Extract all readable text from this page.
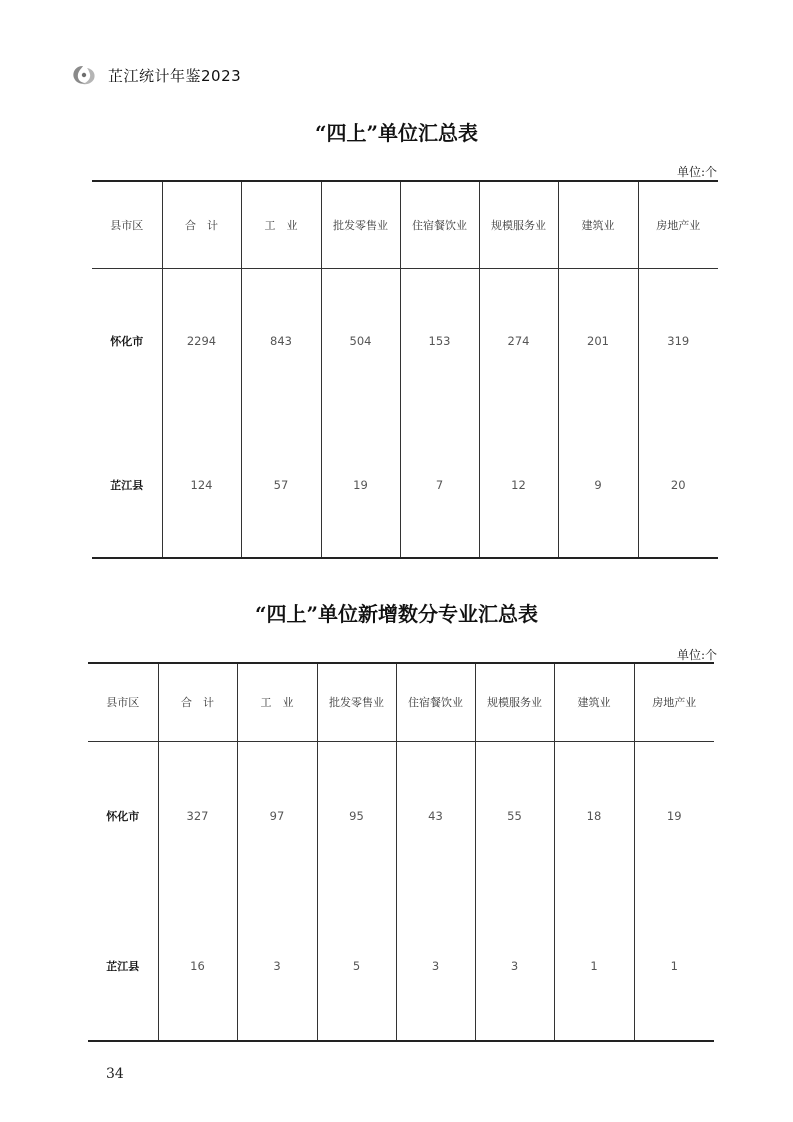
芷江统计年鉴2023
“四上”单位汇总表
单位:个
县市区	合　计	工　业	批发零售业	住宿餐饮业	规模服务业	建筑业	房地产业
怀化市	2294	843	504	153	274	201	319
芷江县	124	57	19	7	12	9	20
“四上”单位新增数分专业汇总表
单位:个
县市区	合　计	工　业	批发零售业	住宿餐饮业	规模服务业	建筑业	房地产业
怀化市	327	97	95	43	55	18	19
芷江县	16	3	5	3	3	1	1
34
